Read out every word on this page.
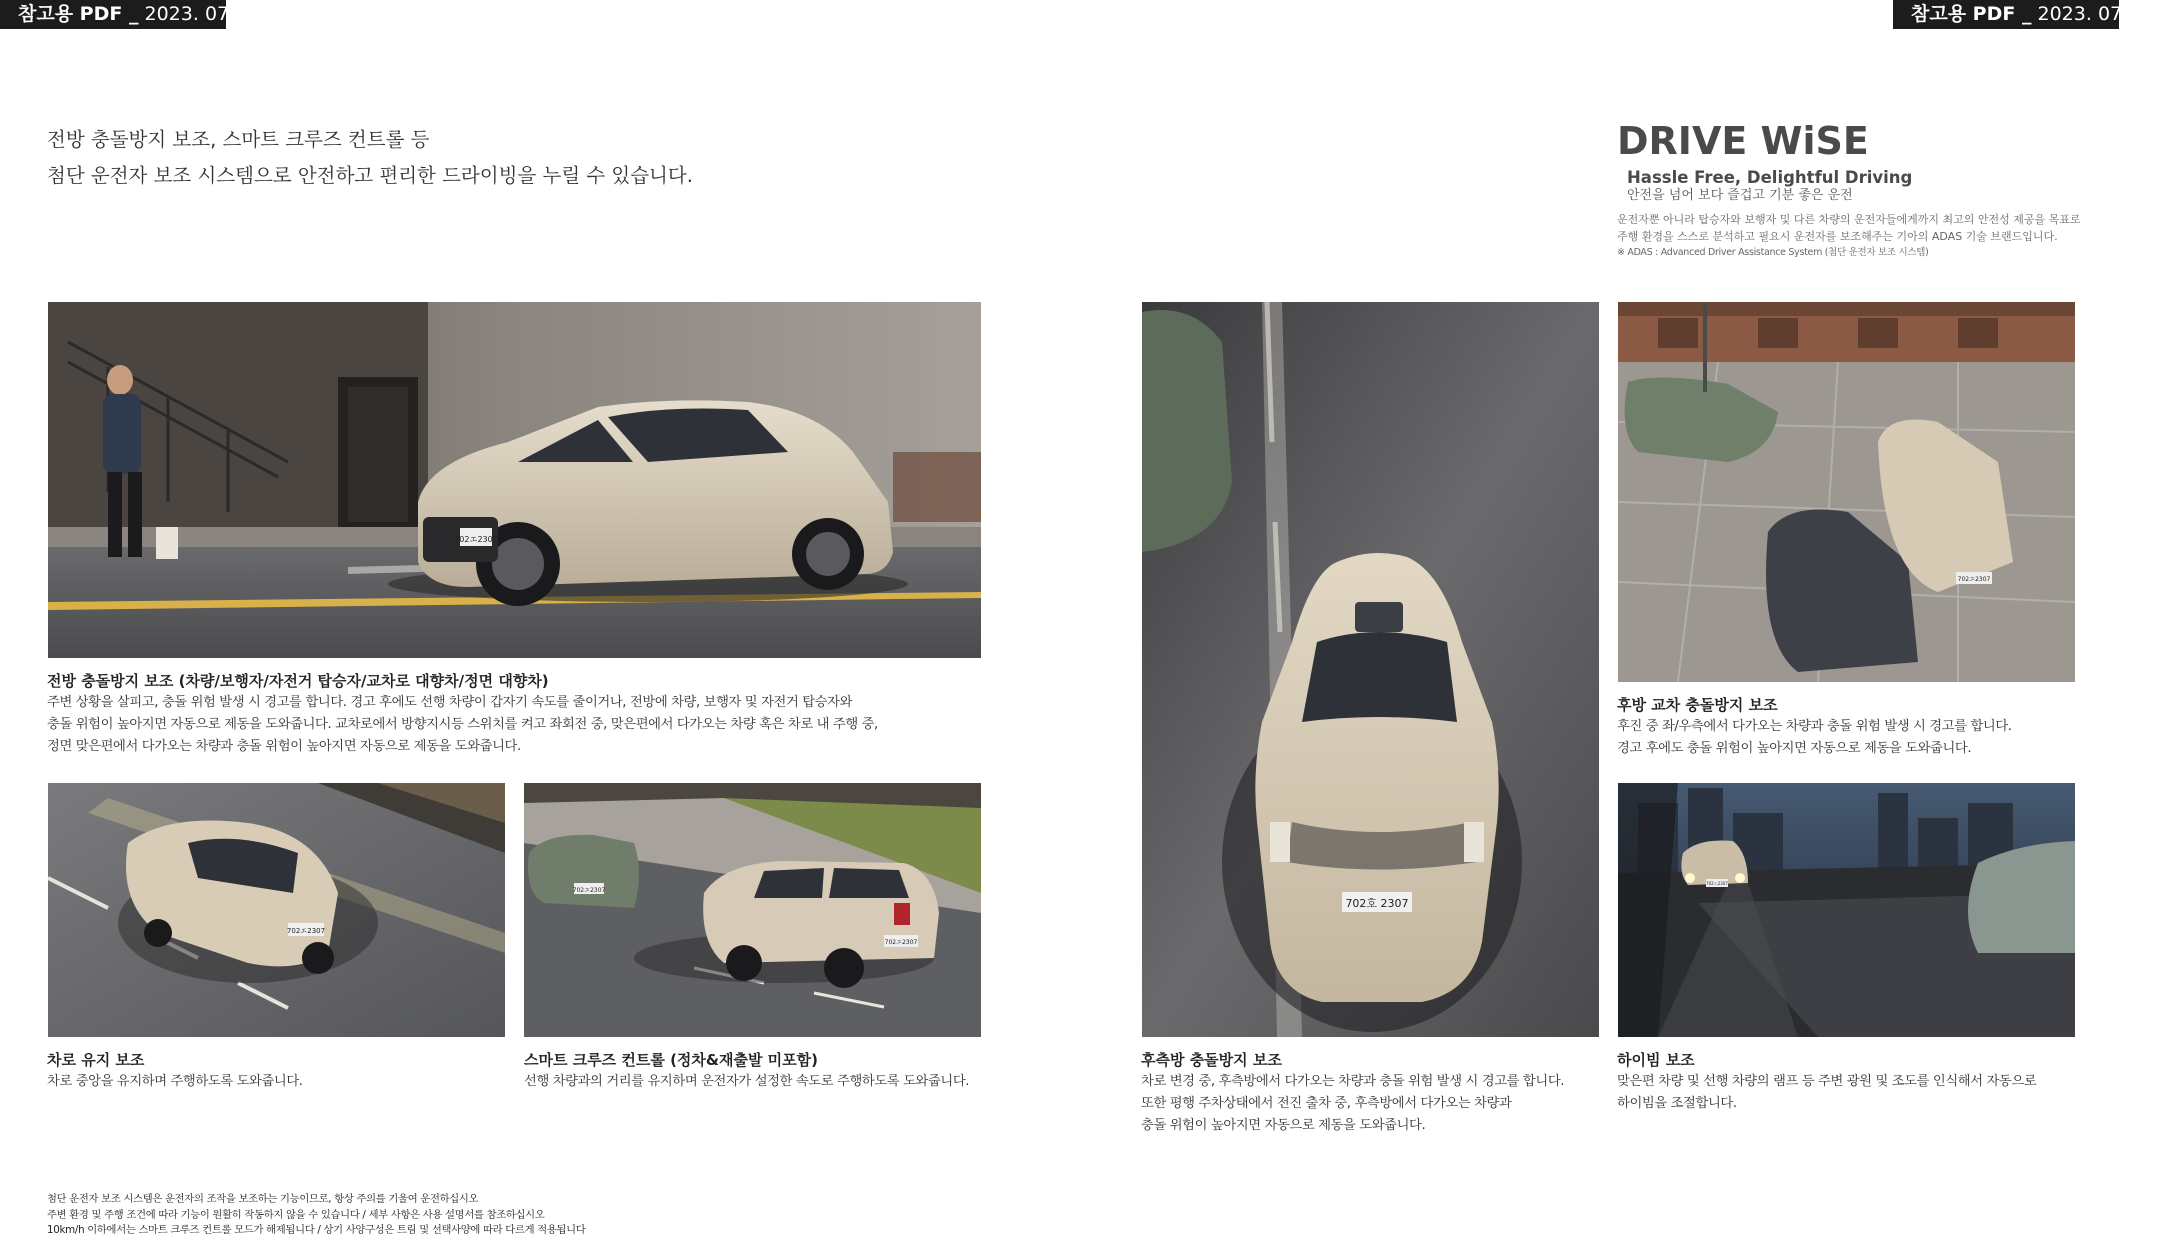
참고용 PDF _ 2023. 07. 05	참고용 PDF _ 2023. 07. 05
전방 충돌방지 보조, 스마트 크루즈 컨트롤 등
첨단 운전자 보조 시스템으로 안전하고 편리한 드라이빙을 누릴 수 있습니다.
DRIVE WiSE
Hassle Free, Delightful Driving
안전을 넘어 보다 즐겁고 기분 좋은 운전
운전자뿐 아니라 탑승자와 보행자 및 다른 차량의 운전자들에게까지 최고의 안전성 제공을 목표로
주행 환경을 스스로 분석하고 필요시 운전자를 보조해주는 기아의 ADAS 기술 브랜드입니다.
※ ADAS : Advanced Driver Assistance System (첨단 운전자 보조 시스템)
702エ2307
702エ2307
702エ2307
702エ2307
702호 2307
702エ2307
702エ2307
전방 충돌방지 보조 (차량/보행자/자전거 탑승자/교차로 대향차/정면 대향차)
주변 상황을 살피고, 충돌 위험 발생 시 경고를 합니다. 경고 후에도 선행 차량이 갑자기 속도를 줄이거나, 전방에 차량, 보행자 및 자전거 탑승자와
충돌 위험이 높아지면 자동으로 제동을 도와줍니다. 교차로에서 방향지시등 스위치를 켜고 좌회전 중, 맞은편에서 다가오는 차량 혹은 차로 내 주행 중,
정면 맞은편에서 다가오는 차량과 충돌 위험이 높아지면 자동으로 제동을 도와줍니다.
차로 유지 보조
차로 중앙을 유지하며 주행하도록 도와줍니다.
스마트 크루즈 컨트롤 (정차&재출발 미포함)
선행 차량과의 거리를 유지하며 운전자가 설정한 속도로 주행하도록 도와줍니다.
후측방 충돌방지 보조
차로 변경 중, 후측방에서 다가오는 차량과 충돌 위험 발생 시 경고를 합니다.
또한 평행 주차상태에서 전진 출차 중, 후측방에서 다가오는 차량과
충돌 위험이 높아지면 자동으로 제동을 도와줍니다.
후방 교차 충돌방지 보조
후진 중 좌/우측에서 다가오는 차량과 충돌 위험 발생 시 경고를 합니다.
경고 후에도 충돌 위험이 높아지면 자동으로 제동을 도와줍니다.
하이빔 보조
맞은편 차량 및 선행 차량의 램프 등 주변 광원 및 조도를 인식해서 자동으로
하이빔을 조절합니다.
첨단 운전자 보조 시스템은 운전자의 조작을 보조하는 기능이므로, 항상 주의를 기울여 운전하십시오
주변 환경 및 주행 조건에 따라 기능이 원활히 작동하지 않을 수 있습니다 / 세부 사항은 사용 설명서를 참조하십시오
10km/h 이하에서는 스마트 크루즈 컨트롤 모드가 해제됩니다 / 상기 사양구성은 트림 및 선택사양에 따라 다르게 적용됩니다
